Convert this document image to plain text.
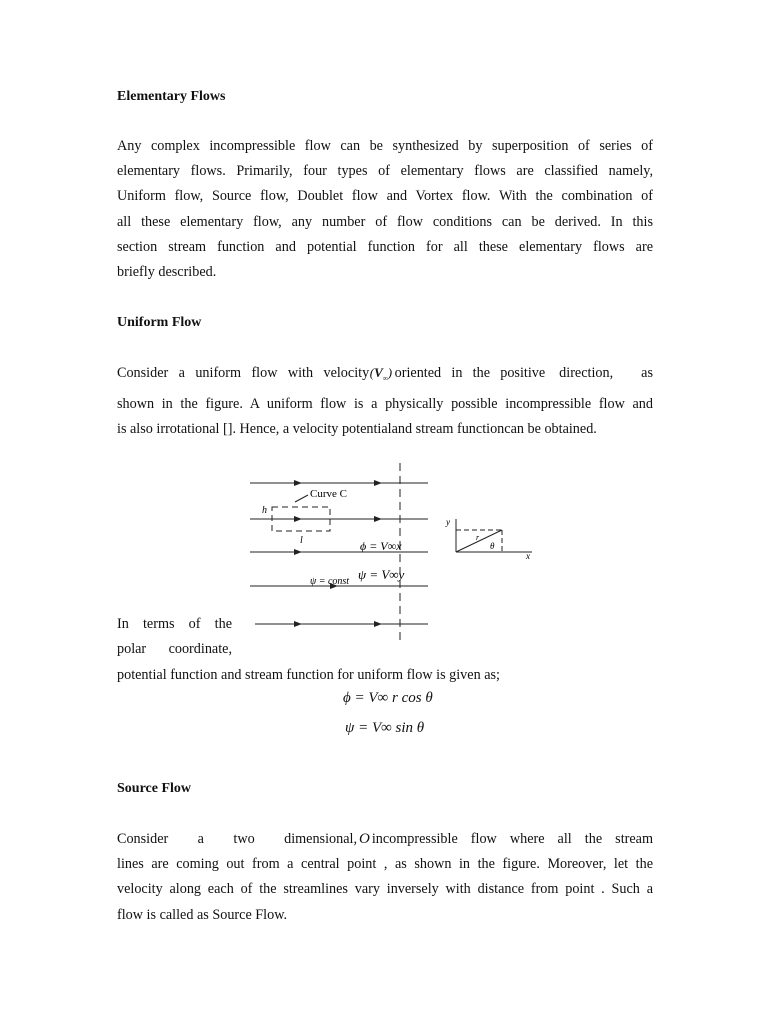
Elementary Flows
Any complex incompressible flow can be synthesized by superposition of series of
elementary flows. Primarily, four types of elementary flows are classified namely,
Uniform flow, Source flow, Doublet flow and Vortex flow. With the combination of
all these elementary flow, any number of flow conditions can be derived. In this
section stream function and potential function for all these elementary flows are
briefly described.
Uniform Flow
Consider a uniform flow with velocity $(V_\infty)$ oriented in the positive direction, as
shown in the figure. A uniform flow is a physically possible incompressible flow and
is also irrotational []. Hence, a velocity potentialand stream functioncan be obtained.
Curve C
h
l	ϕ = V∞x
ψ = const ψ = V∞y
y
x
r
θ
In terms of the
polar coordinate,
potential function and stream function for uniform flow is given as;
ϕ = V∞ r cos θ
ψ = V∞ sin θ
Source Flow
Consider a two dimensional, O incompressible flow where all the stream
lines are coming out from a central point , as shown in the figure. Moreover, let the
velocity along each of the streamlines vary inversely with distance from point . Such a
flow is called as Source Flow.
